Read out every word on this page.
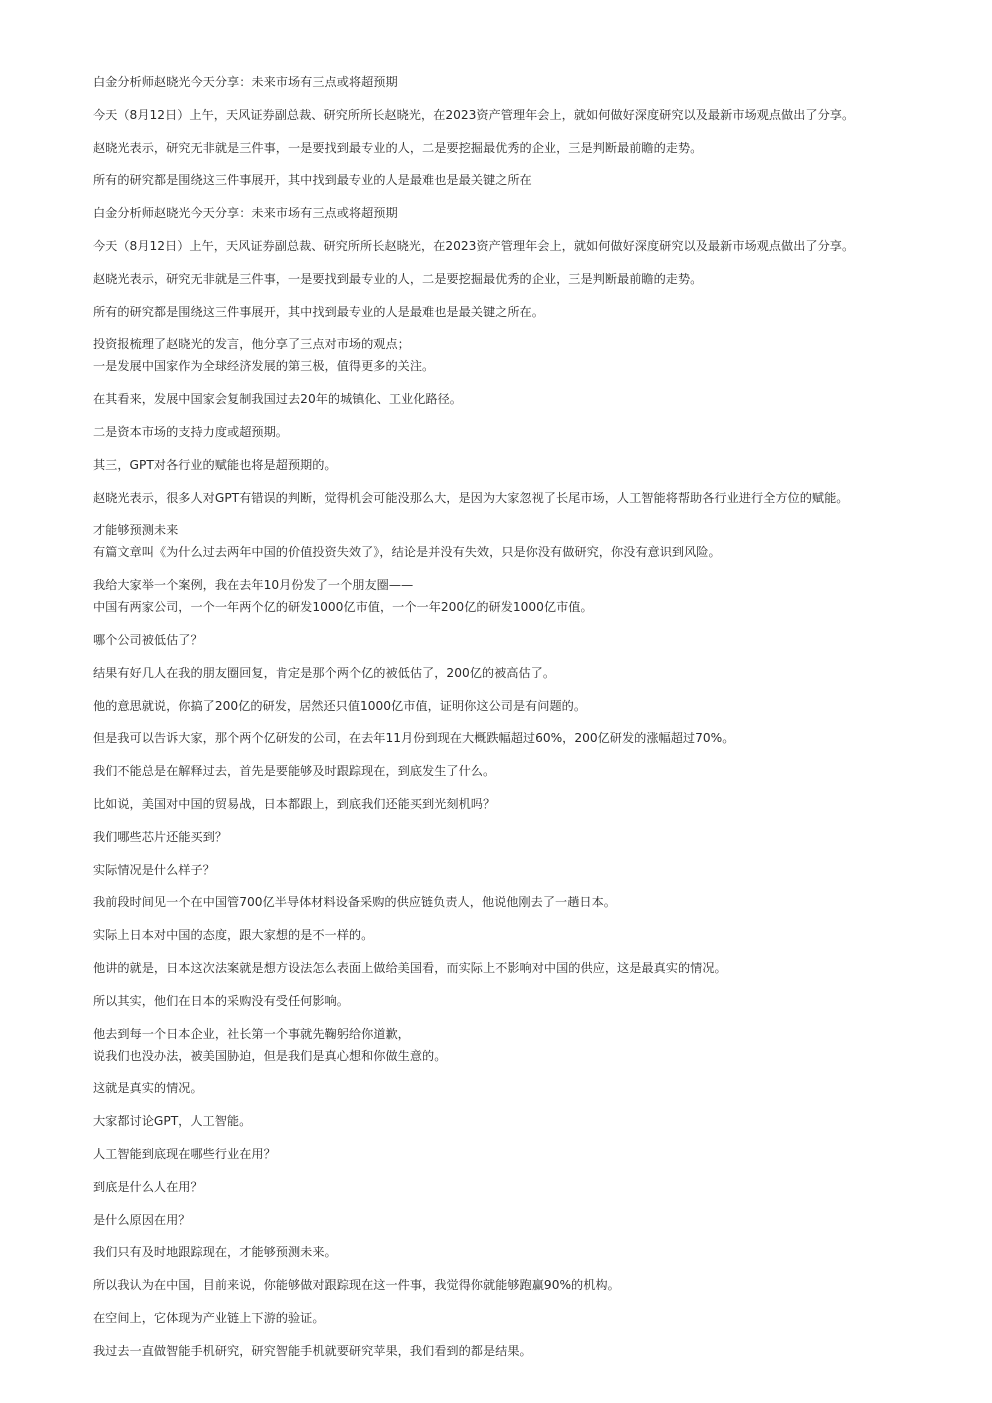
白金分析师赵晓光今天分享：未来市场有三点或将超预期

今天（8月12日）上午，天风证券副总裁、研究所所长赵晓光，在2023资产管理年会上，就如何做好深度研究以及最新市场观点做出了分享。

赵晓光表示，研究无非就是三件事，一是要找到最专业的人，二是要挖掘最优秀的企业，三是判断最前瞻的走势。

所有的研究都是围绕这三件事展开，其中找到最专业的人是最难也是最关键之所在

白金分析师赵晓光今天分享：未来市场有三点或将超预期

今天（8月12日）上午，天风证券副总裁、研究所所长赵晓光，在2023资产管理年会上，就如何做好深度研究以及最新市场观点做出了分享。

赵晓光表示，研究无非就是三件事，一是要找到最专业的人，二是要挖掘最优秀的企业，三是判断最前瞻的走势。

所有的研究都是围绕这三件事展开，其中找到最专业的人是最难也是最关键之所在。

投资报梳理了赵晓光的发言，他分享了三点对市场的观点；
一是发展中国家作为全球经济发展的第三极，值得更多的关注。

在其看来，发展中国家会复制我国过去20年的城镇化、工业化路径。

二是资本市场的支持力度或超预期。

其三，GPT对各行业的赋能也将是超预期的。

赵晓光表示，很多人对GPT有错误的判断，觉得机会可能没那么大，是因为大家忽视了长尾市场，人工智能将帮助各行业进行全方位的赋能。

才能够预测未来
有篇文章叫《为什么过去两年中国的价值投资失效了》，结论是并没有失效，只是你没有做研究，你没有意识到风险。

我给大家举一个案例，我在去年10月份发了一个朋友圈——
中国有两家公司，一个一年两个亿的研发1000亿市值，一个一年200亿的研发1000亿市值。

哪个公司被低估了？

结果有好几人在我的朋友圈回复，肯定是那个两个亿的被低估了，200亿的被高估了。

他的意思就说，你搞了200亿的研发，居然还只值1000亿市值，证明你这公司是有问题的。

但是我可以告诉大家，那个两个亿研发的公司，在去年11月份到现在大概跌幅超过60%，200亿研发的涨幅超过70%。

我们不能总是在解释过去，首先是要能够及时跟踪现在，到底发生了什么。

比如说，美国对中国的贸易战，日本都跟上，到底我们还能买到光刻机吗？

我们哪些芯片还能买到？

实际情况是什么样子？

我前段时间见一个在中国管700亿半导体材料设备采购的供应链负责人，他说他刚去了一趟日本。

实际上日本对中国的态度，跟大家想的是不一样的。

他讲的就是，日本这次法案就是想方设法怎么表面上做给美国看，而实际上不影响对中国的供应，这是最真实的情况。

所以其实，他们在日本的采购没有受任何影响。

他去到每一个日本企业，社长第一个事就先鞠躬给你道歉，
说我们也没办法，被美国胁迫，但是我们是真心想和你做生意的。

这就是真实的情况。

大家都讨论GPT，人工智能。

人工智能到底现在哪些行业在用？

到底是什么人在用？

是什么原因在用？

我们只有及时地跟踪现在，才能够预测未来。

所以我认为在中国，目前来说，你能够做对跟踪现在这一件事，我觉得你就能够跑赢90%的机构。

在空间上，它体现为产业链上下游的验证。

我过去一直做智能手机研究，研究智能手机就要研究苹果，我们看到的都是结果。
